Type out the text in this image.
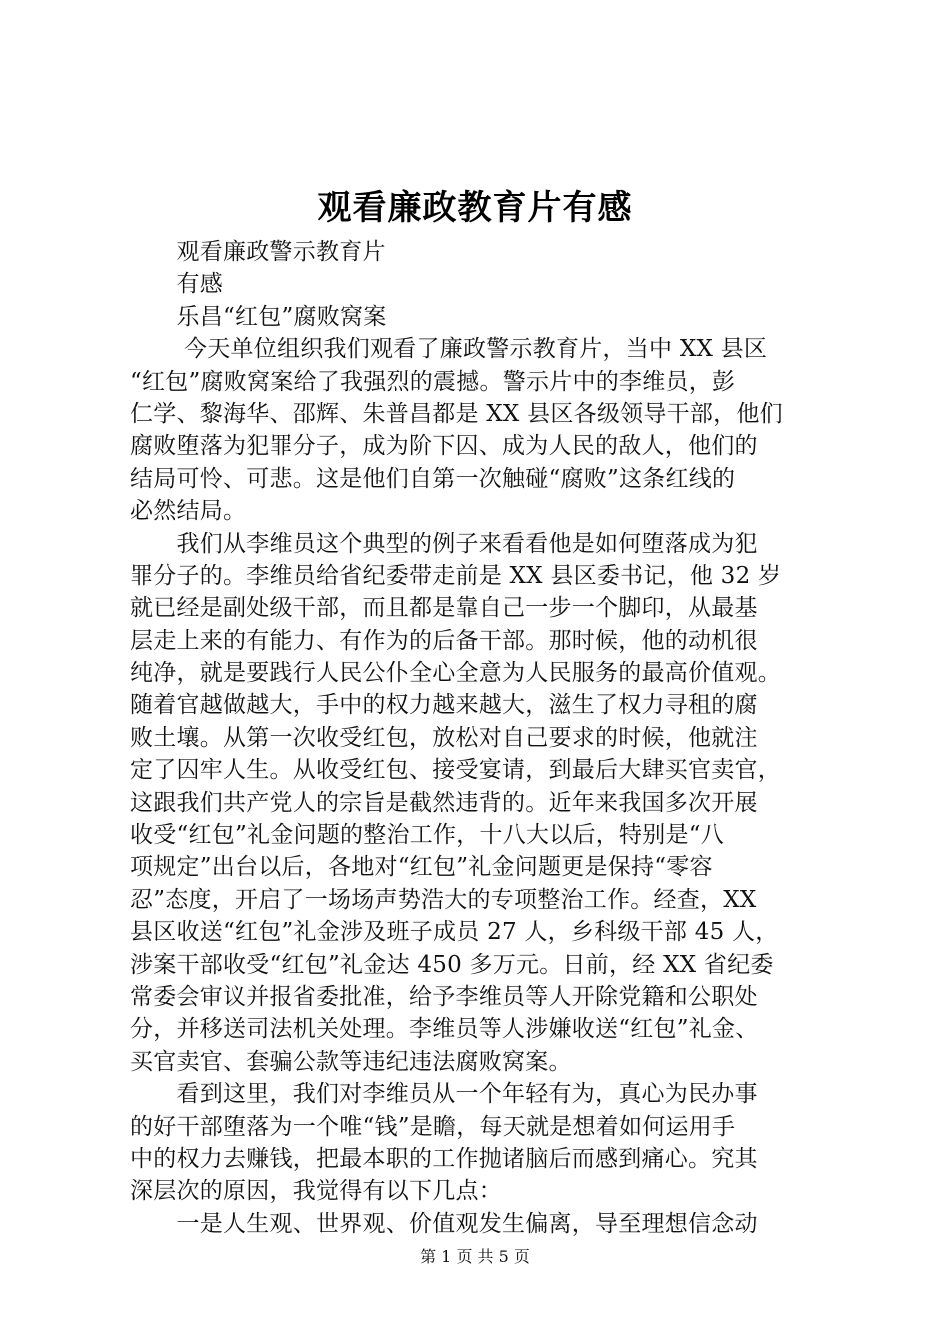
观看廉政教育片有感
　　观看廉政警示教育片
　　有感
　　乐昌“红包”腐败窝案
　　 今天单位组织我们观看了廉政警示教育片，当中 XX 县区
“红包”腐败窝案给了我强烈的震撼。警示片中的李维员，彭
仁学、黎海华、邵辉、朱普昌都是 XX 县区各级领导干部，他们
腐败堕落为犯罪分子，成为阶下囚、成为人民的敌人，他们的
结局可怜、可悲。这是他们自第一次触碰“腐败”这条红线的
必然结局。
　　我们从李维员这个典型的例子来看看他是如何堕落成为犯
罪分子的。李维员给省纪委带走前是 XX 县区委书记，他 32 岁
就已经是副处级干部，而且都是靠自己一步一个脚印，从最基
层走上来的有能力、有作为的后备干部。那时候，他的动机很
纯净，就是要践行人民公仆全心全意为人民服务的最高价值观。
随着官越做越大，手中的权力越来越大，滋生了权力寻租的腐
败土壤。从第一次收受红包，放松对自己要求的时候，他就注
定了囚牢人生。从收受红包、接受宴请，到最后大肆买官卖官，
这跟我们共产党人的宗旨是截然违背的。近年来我国多次开展
收受“红包”礼金问题的整治工作，十八大以后，特别是“八
项规定”出台以后，各地对“红包”礼金问题更是保持“零容
忍”态度，开启了一场场声势浩大的专项整治工作。经查，XX
县区收送“红包”礼金涉及班子成员 27 人，乡科级干部 45 人，
涉案干部收受“红包”礼金达 450 多万元。日前，经 XX 省纪委
常委会审议并报省委批准，给予李维员等人开除党籍和公职处
分，并移送司法机关处理。李维员等人涉嫌收送“红包”礼金、
买官卖官、套骗公款等违纪违法腐败窝案。
　　看到这里，我们对李维员从一个年轻有为，真心为民办事
的好干部堕落为一个唯“钱”是瞻，每天就是想着如何运用手
中的权力去赚钱，把最本职的工作抛诸脑后而感到痛心。究其
深层次的原因，我觉得有以下几点：
　　一是人生观、世界观、价值观发生偏离，导至理想信念动
第 1 页 共 5 页
